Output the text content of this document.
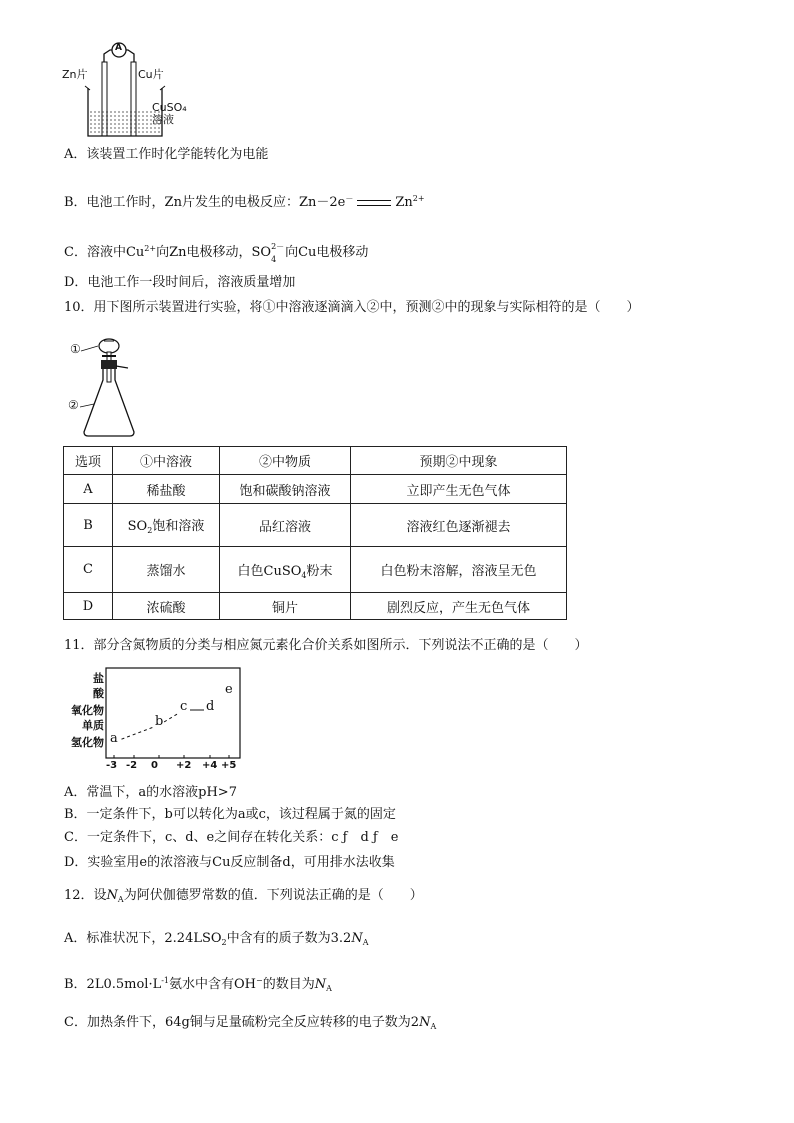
A
Zn片	Cu片
CuSO₄
溶液
A．该装置工作时化学能转化为电能
B．电池工作时，Zn片发生的电极反应：Zn－2e－	$Zn^{2+}$
C．溶液中$Cu^{2+}$向Zn电极移动，SO 2－
4 向Cu电极移动
D．电池工作一段时间后，溶液质量增加
10．用下图所示装置进行实验，将①中溶液逐滴滴入②中，预测②中的现象与实际相符的是（　　）
①
②
选项	①中溶液	②中物质	预期②中现象
A	稀盐酸	饱和碳酸钠溶液	立即产生无色气体
B	$SO_2$饱和溶液	品红溶液	溶液红色逐渐褪去
C	蒸馏水	白色CuSO$_4$粉末	白色粉末溶解，溶液呈无色
D	浓硫酸	铜片	剧烈反应，产生无色气体
11．部分含氮物质的分类与相应氮元素化合价关系如图所示．下列说法不正确的是（　　）
盐
酸
氧化物
单质
氢化物
-3 -2 0 +2 +4 +5
a
b
c d
e
A．常温下，a的水溶液pH>7
B．一定条件下，b可以转化为a或c，该过程属于氮的固定
C．一定条件下，c、d、e之间存在转化关系：c ƒ　d ƒ　e
D．实验室用e的浓溶液与Cu反应制备d，可用排水法收集
12．设$N_A$为阿伏伽德罗常数的值．下列说法正确的是（　　）
A．标准状况下，$2.24LSO_2$中含有的质子数为$3.2N_A$
B．$2L0.5mol\cdot L^{-1}$氨水中含有OH−的数目为$N_A$
C．加热条件下，64g铜与足量硫粉完全反应转移的电子数为$2N_A$
